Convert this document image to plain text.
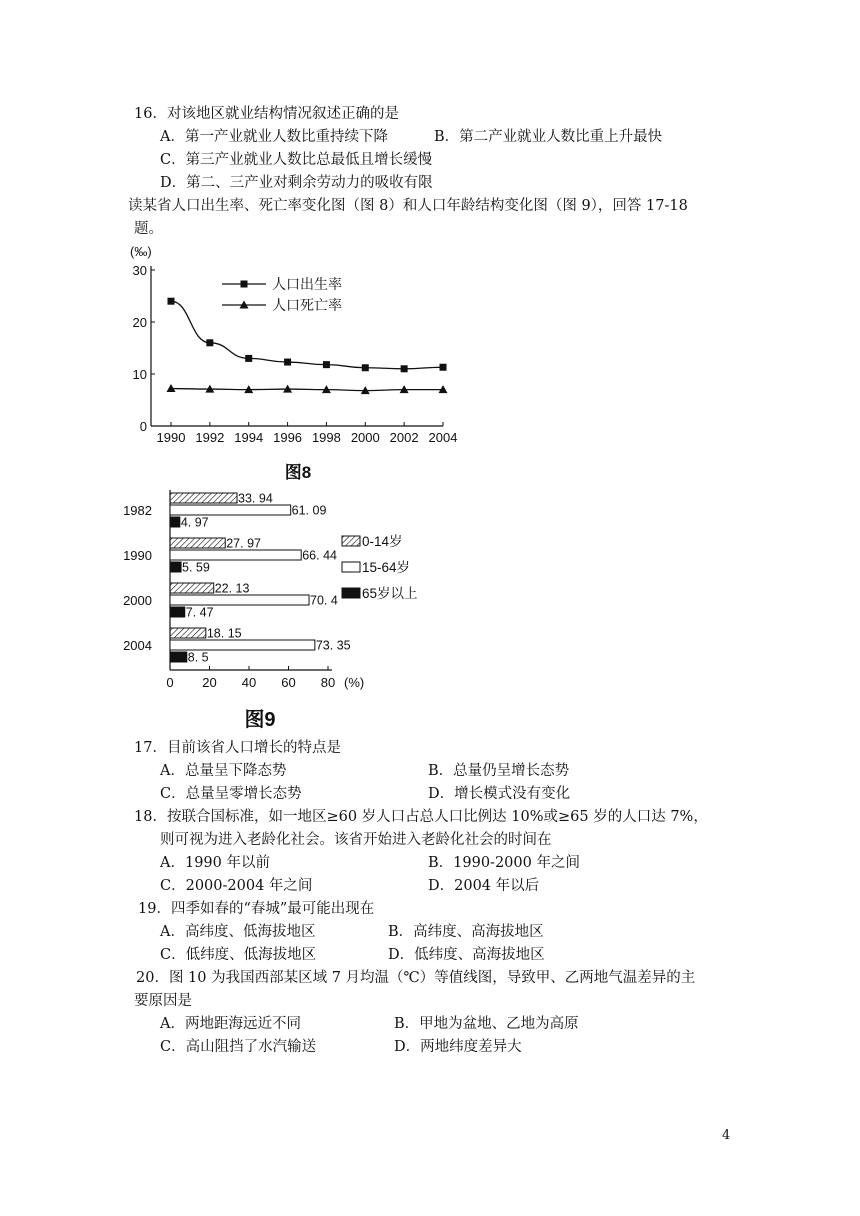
16．对该地区就业结构情况叙述正确的是
A．第一产业就业人数比重持续下降	B．第二产业就业人数比重上升最快
C．第三产业就业人数比总最低且增长缓慢
D．第二、三产业对剩余劳动力的吸收有限
读某省人口出生率、死亡率变化图（图 8）和人口年龄结构变化图（图 9），回答 17-18
题。
(‰)
0
10
20
30
1990 1992 1994 1996 1998 2000 2002 2004
人口出生率
人口死亡率
图8
0 20 40 60 80 (%)
1982
33. 94
61. 09
4. 97
1990
27. 97
66. 44
5. 59
2000
22. 13
70. 4
7. 47
2004
18. 15
73. 35
8. 5
0-14岁
15-64岁
65岁以上
图9
17．目前该省人口增长的特点是
A．总量呈下降态势	B．总量仍呈增长态势
C．总量呈零增长态势	D．增长模式没有变化
18．按联合国标准，如一地区≥60 岁人口占总人口比例达 10%或≥65 岁的人口达 7%，
则可视为进入老龄化社会。该省开始进入老龄化社会的时间在
A．1990 年以前	B．1990-2000 年之间
C．2000-2004 年之间	D．2004 年以后
19．四季如春的“春城”最可能出现在
A．高纬度、低海拔地区	B．高纬度、高海拔地区
C．低纬度、低海拔地区	D．低纬度、高海拔地区
20．图 10 为我国西部某区域 7 月均温（℃）等值线图，导致甲、乙两地气温差异的主
要原因是
A．两地距海远近不同	B．甲地为盆地、乙地为高原
C．高山阻挡了水汽输送	D．两地纬度差异大
4
